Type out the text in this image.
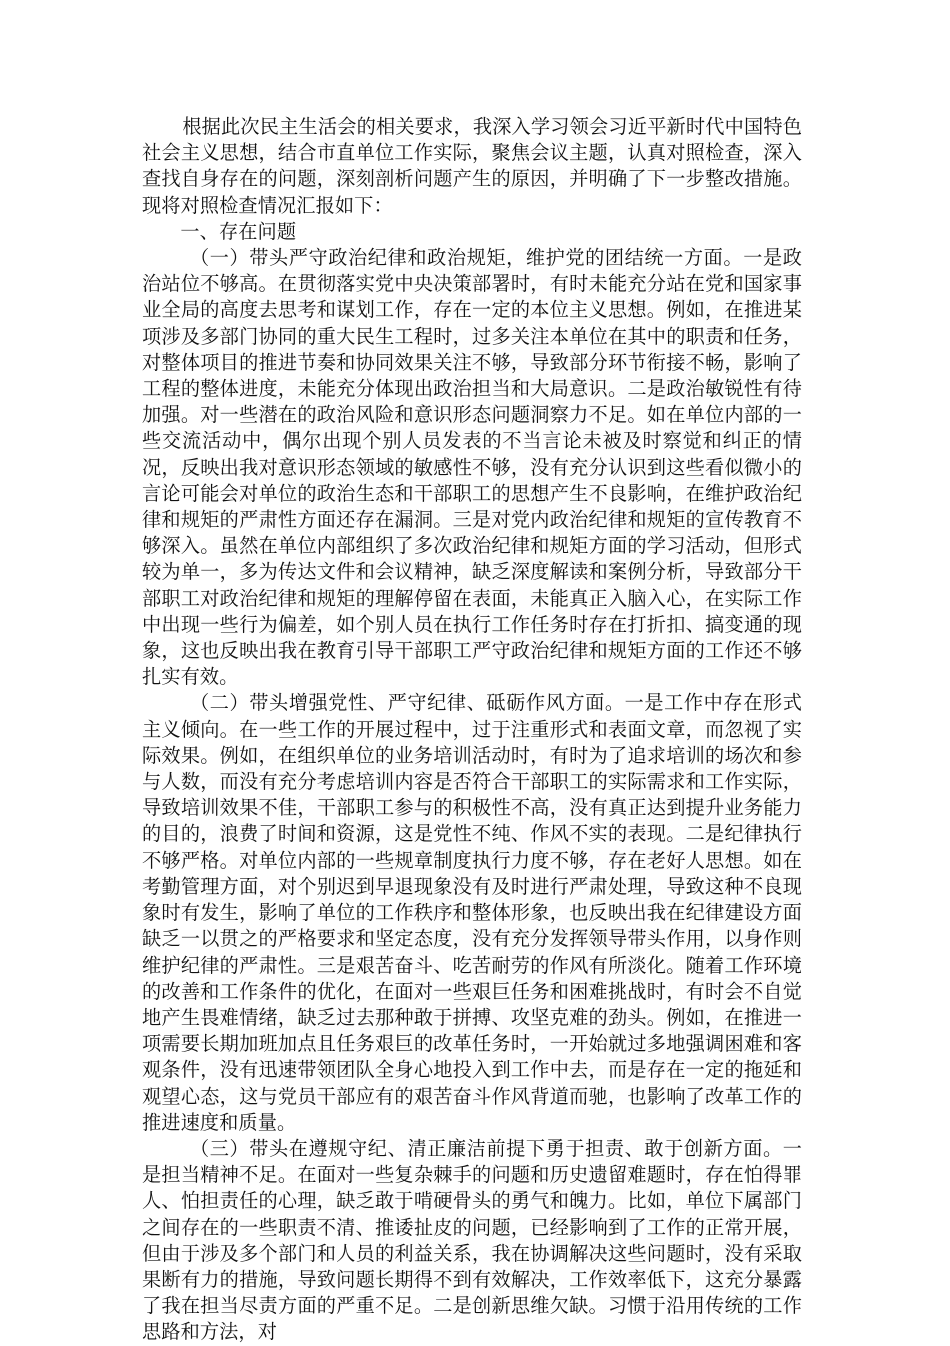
根据此次民主生活会的相关要求，我深入学习领会习近平新时代中国特色社会主义思想，结合市直单位工作实际，聚焦会议主题，认真对照检查，深入查找自身存在的问题，深刻剖析问题产生的原因，并明确了下一步整改措施。现将对照检查情况汇报如下：

一、存在问题

（一）带头严守政治纪律和政治规矩，维护党的团结统一方面。一是政治站位不够高。在贯彻落实党中央决策部署时，有时未能充分站在党和国家事业全局的高度去思考和谋划工作，存在一定的本位主义思想。例如，在推进某项涉及多部门协同的重大民生工程时，过多关注本单位在其中的职责和任务，对整体项目的推进节奏和协同效果关注不够，导致部分环节衔接不畅，影响了工程的整体进度，未能充分体现出政治担当和大局意识。二是政治敏锐性有待加强。对一些潜在的政治风险和意识形态问题洞察力不足。如在单位内部的一些交流活动中，偶尔出现个别人员发表的不当言论未被及时察觉和纠正的情况，反映出我对意识形态领域的敏感性不够，没有充分认识到这些看似微小的言论可能会对单位的政治生态和干部职工的思想产生不良影响，在维护政治纪律和规矩的严肃性方面还存在漏洞。三是对党内政治纪律和规矩的宣传教育不够深入。虽然在单位内部组织了多次政治纪律和规矩方面的学习活动，但形式较为单一，多为传达文件和会议精神，缺乏深度解读和案例分析，导致部分干部职工对政治纪律和规矩的理解停留在表面，未能真正入脑入心，在实际工作中出现一些行为偏差，如个别人员在执行工作任务时存在打折扣、搞变通的现象，这也反映出我在教育引导干部职工严守政治纪律和规矩方面的工作还不够扎实有效。

（二）带头增强党性、严守纪律、砥砺作风方面。一是工作中存在形式主义倾向。在一些工作的开展过程中，过于注重形式和表面文章，而忽视了实际效果。例如，在组织单位的业务培训活动时，有时为了追求培训的场次和参与人数，而没有充分考虑培训内容是否符合干部职工的实际需求和工作实际，导致培训效果不佳，干部职工参与的积极性不高，没有真正达到提升业务能力的目的，浪费了时间和资源，这是党性不纯、作风不实的表现。二是纪律执行不够严格。对单位内部的一些规章制度执行力度不够，存在老好人思想。如在考勤管理方面，对个别迟到早退现象没有及时进行严肃处理，导致这种不良现象时有发生，影响了单位的工作秩序和整体形象，也反映出我在纪律建设方面缺乏一以贯之的严格要求和坚定态度，没有充分发挥领导带头作用，以身作则维护纪律的严肃性。三是艰苦奋斗、吃苦耐劳的作风有所淡化。随着工作环境的改善和工作条件的优化，在面对一些艰巨任务和困难挑战时，有时会不自觉地产生畏难情绪，缺乏过去那种敢于拼搏、攻坚克难的劲头。例如，在推进一项需要长期加班加点且任务艰巨的改革任务时，一开始就过多地强调困难和客观条件，没有迅速带领团队全身心地投入到工作中去，而是存在一定的拖延和观望心态，这与党员干部应有的艰苦奋斗作风背道而驰，也影响了改革工作的推进速度和质量。

（三）带头在遵规守纪、清正廉洁前提下勇于担责、敢于创新方面。一是担当精神不足。在面对一些复杂棘手的问题和历史遗留难题时，存在怕得罪人、怕担责任的心理，缺乏敢于啃硬骨头的勇气和魄力。比如，单位下属部门之间存在的一些职责不清、推诿扯皮的问题，已经影响到了工作的正常开展，但由于涉及多个部门和人员的利益关系，我在协调解决这些问题时，没有采取果断有力的措施，导致问题长期得不到有效解决，工作效率低下，这充分暴露了我在担当尽责方面的严重不足。二是创新思维欠缺。习惯于沿用传统的工作思路和方法，对
